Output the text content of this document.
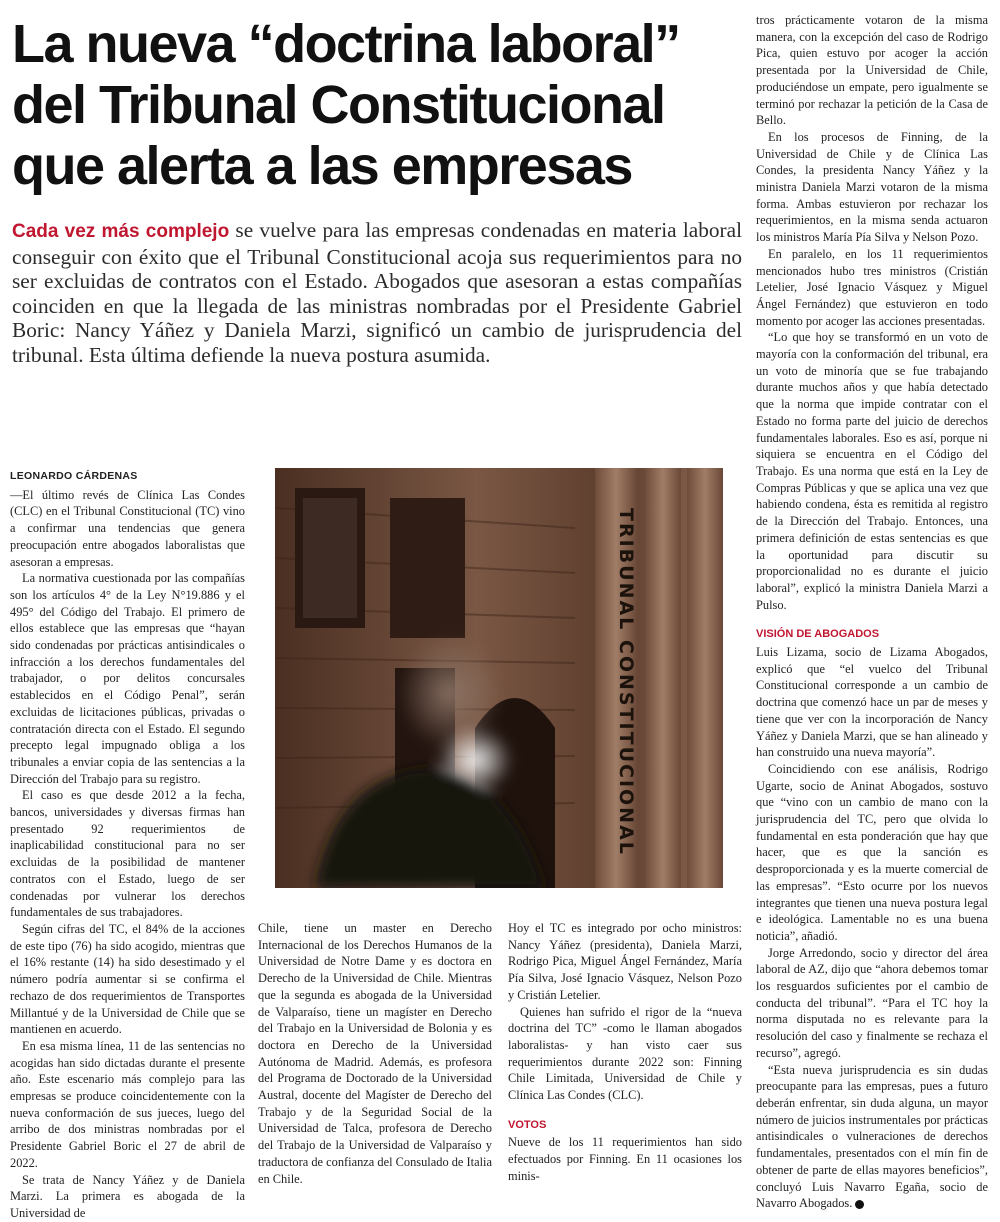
La nueva “doctrina laboral”
del Tribunal Constitucional
que alerta a las empresas

Cada vez más complejo se vuelve para las empresas condenadas en materia laboral conseguir con éxito que el Tribunal Constitucional acoja sus requerimientos para no ser excluidas de contratos con el Estado. Abogados que asesoran a estas compañías coinciden en que la llegada de las ministras nombradas por el Presidente Gabriel Boric: Nancy Yáñez y Daniela Marzi, significó un cambio de jurisprudencia del tribunal. Esta última defiende la nueva postura asumida.

LEONARDO CÁRDENAS

—El último revés de Clínica Las Condes (CLC) en el Tribunal Constitucional (TC) vino a confirmar una tendencias que genera preocupación entre abogados laboralistas que asesoran a empresas.

La normativa cuestionada por las compañías son los artículos 4° de la Ley N°19.886 y el 495° del Código del Trabajo. El primero de ellos establece que las empresas que “hayan sido condenadas por prácticas antisindicales o infracción a los derechos fundamentales del trabajador, o por delitos concursales establecidos en el Código Penal”, serán excluidas de licitaciones públicas, privadas o contratación directa con el Estado. El segundo precepto legal impugnado obliga a los tribunales a enviar copia de las sentencias a la Dirección del Trabajo para su registro.

El caso es que desde 2012 a la fecha, bancos, universidades y diversas firmas han presentado 92 requerimientos de inaplicabilidad constitucional para no ser excluidas de la posibilidad de mantener contratos con el Estado, luego de ser condenadas por vulnerar los derechos fundamentales de sus trabajadores.

Según cifras del TC, el 84% de la acciones de este tipo (76) ha sido acogido, mientras que el 16% restante (14) ha sido desestimado y el número podría aumentar si se confirma el rechazo de dos requerimientos de Transportes Millantué y de la Universidad de Chile que se mantienen en acuerdo.

En esa misma línea, 11 de las sentencias no acogidas han sido dictadas durante el presente año. Este escenario más complejo para las empresas se produce coincidentemente con la nueva conformación de sus jueces, luego del arribo de dos ministras nombradas por el Presidente Gabriel Boric el 27 de abril de 2022.

Se trata de Nancy Yáñez y de Daniela Marzi. La primera es abogada de la Universidad de

TRIBUNAL CONSTITUCIONAL

Chile, tiene un master en Derecho Internacional de los Derechos Humanos de la Universidad de Notre Dame y es doctora en Derecho de la Universidad de Chile. Mientras que la segunda es abogada de la Universidad de Valparaíso, tiene un magíster en Derecho del Trabajo en la Universidad de Bolonia y es doctora en Derecho de la Universidad Autónoma de Madrid. Además, es profesora del Programa de Doctorado de la Universidad Austral, docente del Magíster de Derecho del Trabajo y de la Seguridad Social de la Universidad de Talca, profesora de Derecho del Trabajo de la Universidad de Valparaíso y traductora de confianza del Consulado de Italia en Chile.

Hoy el TC es integrado por ocho ministros: Nancy Yáñez (presidenta), Daniela Marzi, Rodrigo Pica, Miguel Ángel Fernández, María Pía Silva, José Ignacio Vásquez, Nelson Pozo y Cristián Letelier.

Quienes han sufrido el rigor de la “nueva doctrina del TC” -como le llaman abogados laboralistas- y han visto caer sus requerimientos durante 2022 son: Finning Chile Limitada, Universidad de Chile y Clínica Las Condes (CLC).

VOTOS

Nueve de los 11 requerimientos han sido efectuados por Finning. En 11 ocasiones los minis-

tros prácticamente votaron de la misma manera, con la excepción del caso de Rodrigo Pica, quien estuvo por acoger la acción presentada por la Universidad de Chile, produciéndose un empate, pero igualmente se terminó por rechazar la petición de la Casa de Bello.

En los procesos de Finning, de la Universidad de Chile y de Clínica Las Condes, la presidenta Nancy Yáñez y la ministra Daniela Marzi votaron de la misma forma. Ambas estuvieron por rechazar los requerimientos, en la misma senda actuaron los ministros María Pía Silva y Nelson Pozo.

En paralelo, en los 11 requerimientos mencionados hubo tres ministros (Cristián Letelier, José Ignacio Vásquez y Miguel Ángel Fernández) que estuvieron en todo momento por acoger las acciones presentadas.

“Lo que hoy se transformó en un voto de mayoría con la conformación del tribunal, era un voto de minoría que se fue trabajando durante muchos años y que había detectado que la norma que impide contratar con el Estado no forma parte del juicio de derechos fundamentales laborales. Eso es así, porque ni siquiera se encuentra en el Código del Trabajo. Es una norma que está en la Ley de Compras Públicas y que se aplica una vez que habiendo condena, ésta es remitida al registro de la Dirección del Trabajo. Entonces, una primera definición de estas sentencias es que la oportunidad para discutir su proporcionalidad no es durante el juicio laboral”, explicó la ministra Daniela Marzi a Pulso.

VISIÓN DE ABOGADOS

Luis Lizama, socio de Lizama Abogados, explicó que “el vuelco del Tribunal Constitucional corresponde a un cambio de doctrina que comenzó hace un par de meses y tiene que ver con la incorporación de Nancy Yáñez y Daniela Marzi, que se han alineado y han construido una nueva mayoría”.

Coincidiendo con ese análisis, Rodrigo Ugarte, socio de Aninat Abogados, sostuvo que “vino con un cambio de mano con la jurisprudencia del TC, pero que olvida lo fundamental en esta ponderación que hay que hacer, que es que la sanción es desproporcionada y es la muerte comercial de las empresas”. “Esto ocurre por los nuevos integrantes que tienen una nueva postura legal e ideológica. Lamentable no es una buena noticia”, añadió.

Jorge Arredondo, socio y director del área laboral de AZ, dijo que “ahora debemos tomar los resguardos suficientes por el cambio de conducta del tribunal”. “Para el TC hoy la norma disputada no es relevante para la resolución del caso y finalmente se rechaza el recurso”, agregó.

“Esta nueva jurisprudencia es sin dudas preocupante para las empresas, pues a futuro deberán enfrentar, sin duda alguna, un mayor número de juicios instrumentales por prácticas antisindicales o vulneraciones de derechos fundamentales, presentados con el mín fin de obtener de parte de ellas mayores beneficios”, concluyó Luis Navarro Egaña, socio de Navarro Abogados. P
